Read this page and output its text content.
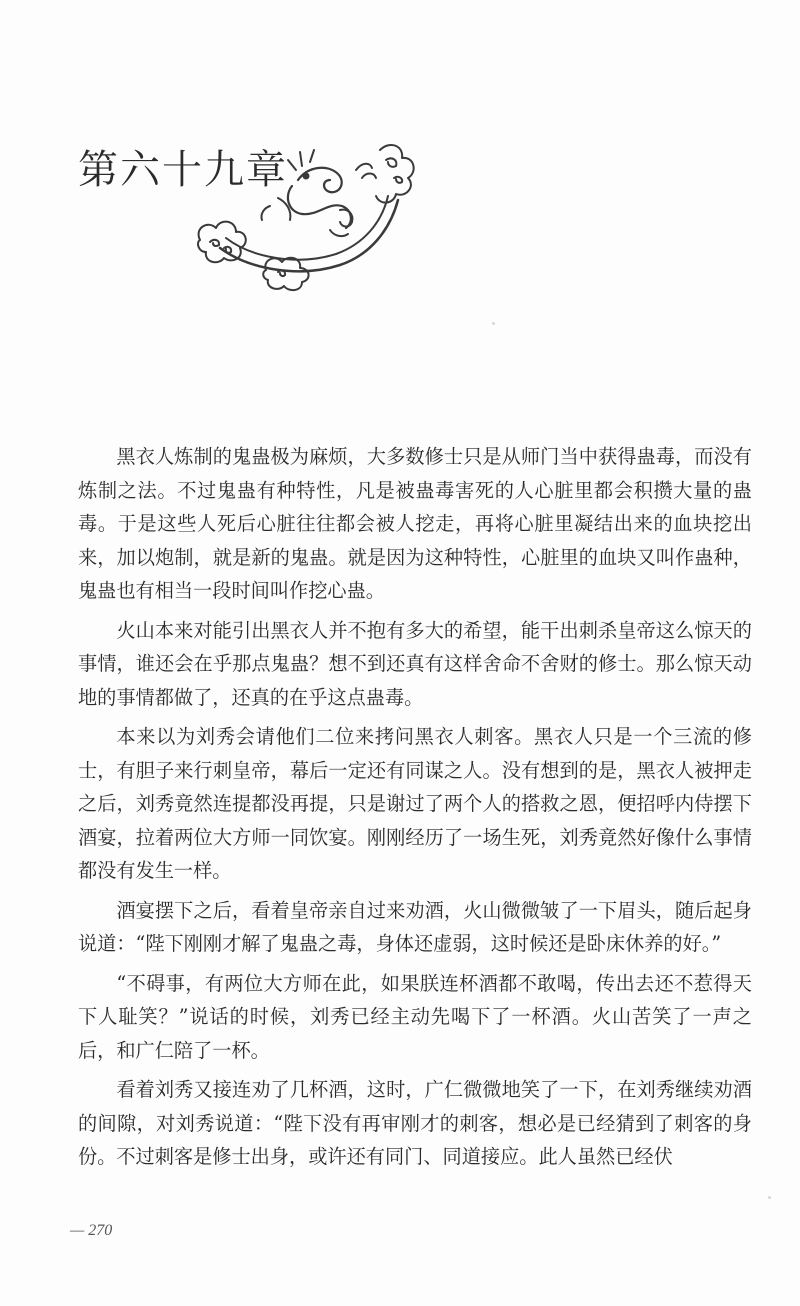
第六十九章

黑衣人炼制的鬼蛊极为麻烦，大多数修士只是从师门当中获得蛊毒，而没有炼制之法。不过鬼蛊有种特性，凡是被蛊毒害死的人心脏里都会积攒大量的蛊毒。于是这些人死后心脏往往都会被人挖走，再将心脏里凝结出来的血块挖出来，加以炮制，就是新的鬼蛊。就是因为这种特性，心脏里的血块又叫作蛊种，鬼蛊也有相当一段时间叫作挖心蛊。

火山本来对能引出黑衣人并不抱有多大的希望，能干出刺杀皇帝这么惊天的事情，谁还会在乎那点鬼蛊？想不到还真有这样舍命不舍财的修士。那么惊天动地的事情都做了，还真的在乎这点蛊毒。

本来以为刘秀会请他们二位来拷问黑衣人刺客。黑衣人只是一个三流的修士，有胆子来行刺皇帝，幕后一定还有同谋之人。没有想到的是，黑衣人被押走之后，刘秀竟然连提都没再提，只是谢过了两个人的搭救之恩，便招呼内侍摆下酒宴，拉着两位大方师一同饮宴。刚刚经历了一场生死，刘秀竟然好像什么事情都没有发生一样。

酒宴摆下之后，看着皇帝亲自过来劝酒，火山微微皱了一下眉头，随后起身说道：“陛下刚刚才解了鬼蛊之毒，身体还虚弱，这时候还是卧床休养的好。”

“不碍事，有两位大方师在此，如果朕连杯酒都不敢喝，传出去还不惹得天下人耻笑？”说话的时候，刘秀已经主动先喝下了一杯酒。火山苦笑了一声之后，和广仁陪了一杯。

看着刘秀又接连劝了几杯酒，这时，广仁微微地笑了一下，在刘秀继续劝酒的间隙，对刘秀说道：“陛下没有再审刚才的刺客，想必是已经猜到了刺客的身份。不过刺客是修士出身，或许还有同门、同道接应。此人虽然已经伏

— 270
